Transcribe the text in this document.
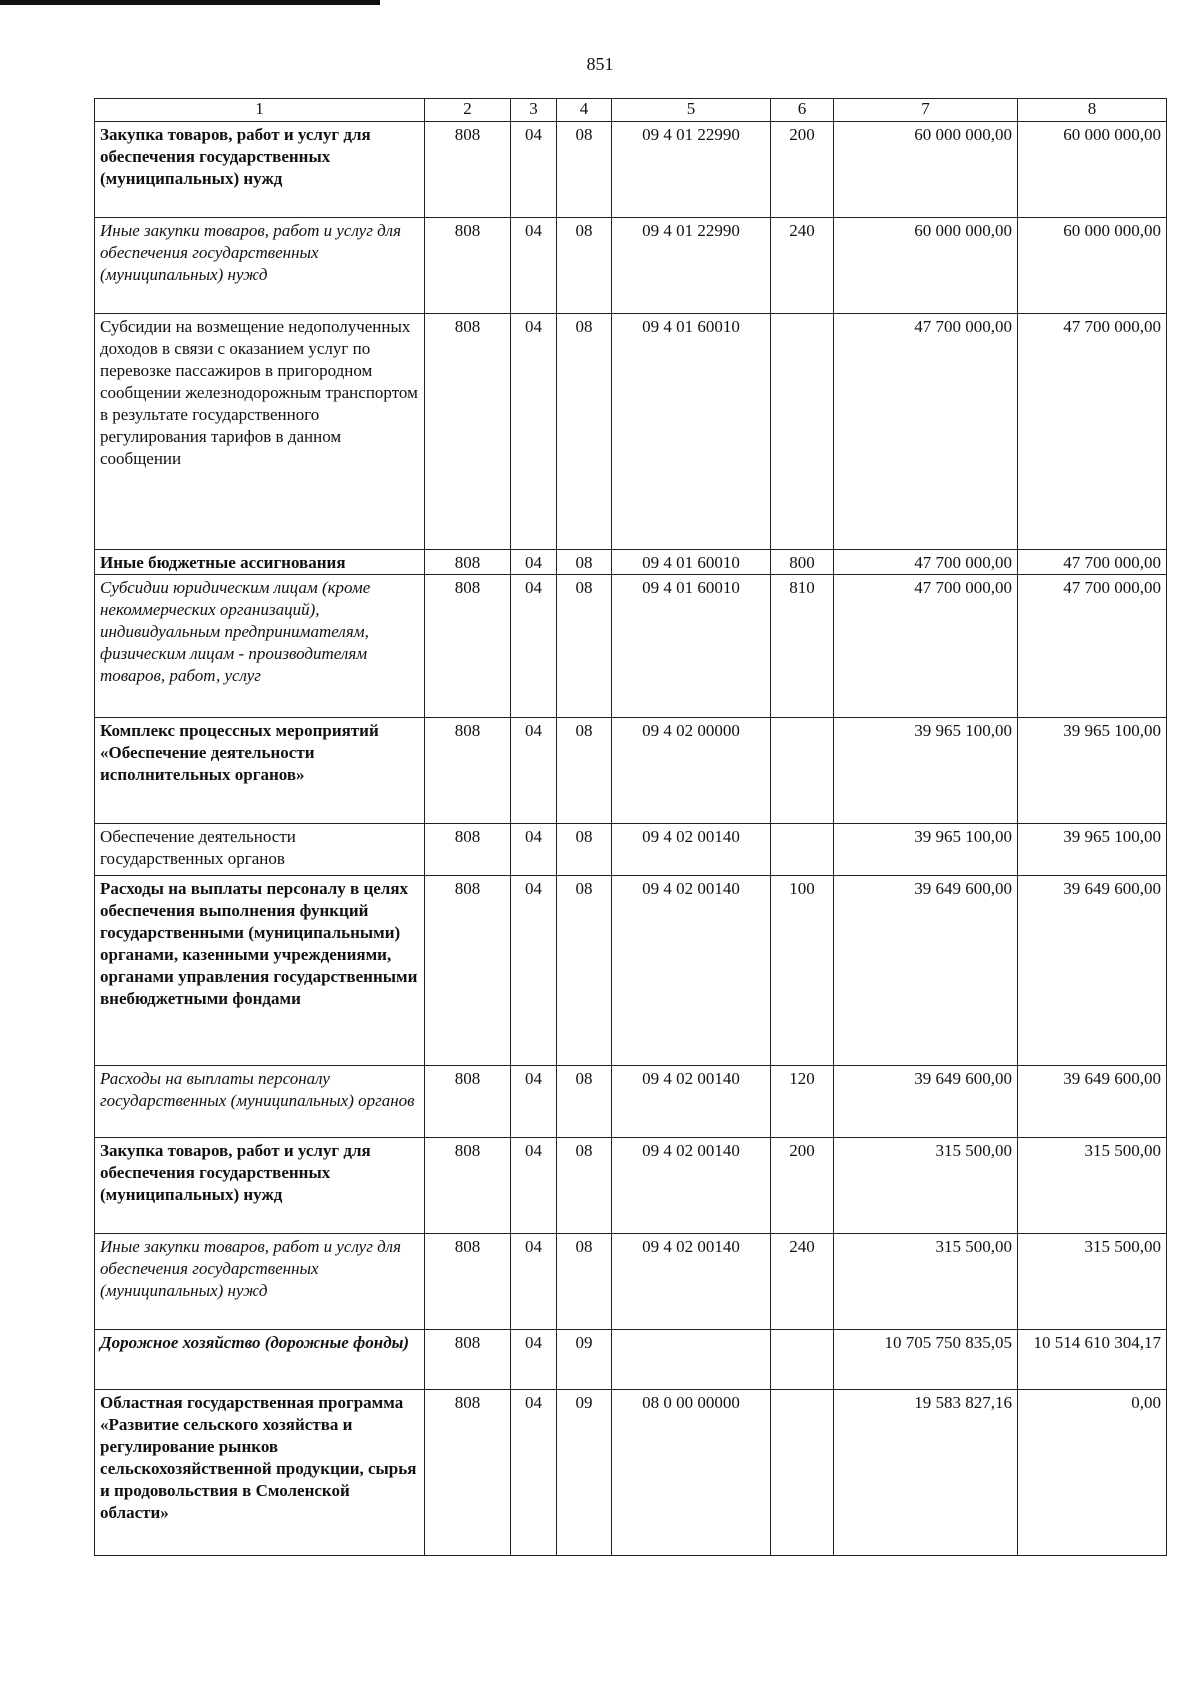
851
1	2	3	4	5	6	7	8
Закупка товаров, работ и услуг для обеспечения государственных (муниципальных) нужд	808	04	08	09 4 01 22990	200	60 000 000,00	60 000 000,00
Иные закупки товаров, работ и услуг для обеспечения государственных (муниципальных) нужд	808	04	08	09 4 01 22990	240	60 000 000,00	60 000 000,00
Субсидии на возмещение недополученных доходов в связи с оказанием услуг по перевозке пассажиров в пригородном сообщении железнодорожным транспортом в результате государственного регулирования тарифов в данном сообщении	808	04	08	09 4 01 60010		47 700 000,00	47 700 000,00
Иные бюджетные ассигнования	808	04	08	09 4 01 60010	800	47 700 000,00	47 700 000,00
Субсидии юридическим лицам (кроме некоммерческих организаций), индивидуальным предпринимателям, физическим лицам - производителям товаров, работ, услуг	808	04	08	09 4 01 60010	810	47 700 000,00	47 700 000,00
Комплекс процессных мероприятий «Обеспечение деятельности исполнительных органов»	808	04	08	09 4 02 00000		39 965 100,00	39 965 100,00
Обеспечение деятельности государственных органов	808	04	08	09 4 02 00140		39 965 100,00	39 965 100,00
Расходы на выплаты персоналу в целях обеспечения выполнения функций государственными (муниципальными) органами, казенными учреждениями, органами управления государственными внебюджетными фондами	808	04	08	09 4 02 00140	100	39 649 600,00	39 649 600,00
Расходы на выплаты персоналу государственных (муниципальных) органов	808	04	08	09 4 02 00140	120	39 649 600,00	39 649 600,00
Закупка товаров, работ и услуг для обеспечения государственных (муниципальных) нужд	808	04	08	09 4 02 00140	200	315 500,00	315 500,00
Иные закупки товаров, работ и услуг для обеспечения государственных (муниципальных) нужд	808	04	08	09 4 02 00140	240	315 500,00	315 500,00
Дорожное хозяйство (дорожные фонды)	808	04	09			10 705 750 835,05	10 514 610 304,17
Областная государственная программа «Развитие сельского хозяйства и регулирование рынков сельскохозяйственной продукции, сырья и продовольствия в Смоленской области»	808	04	09	08 0 00 00000		19 583 827,16	0,00
